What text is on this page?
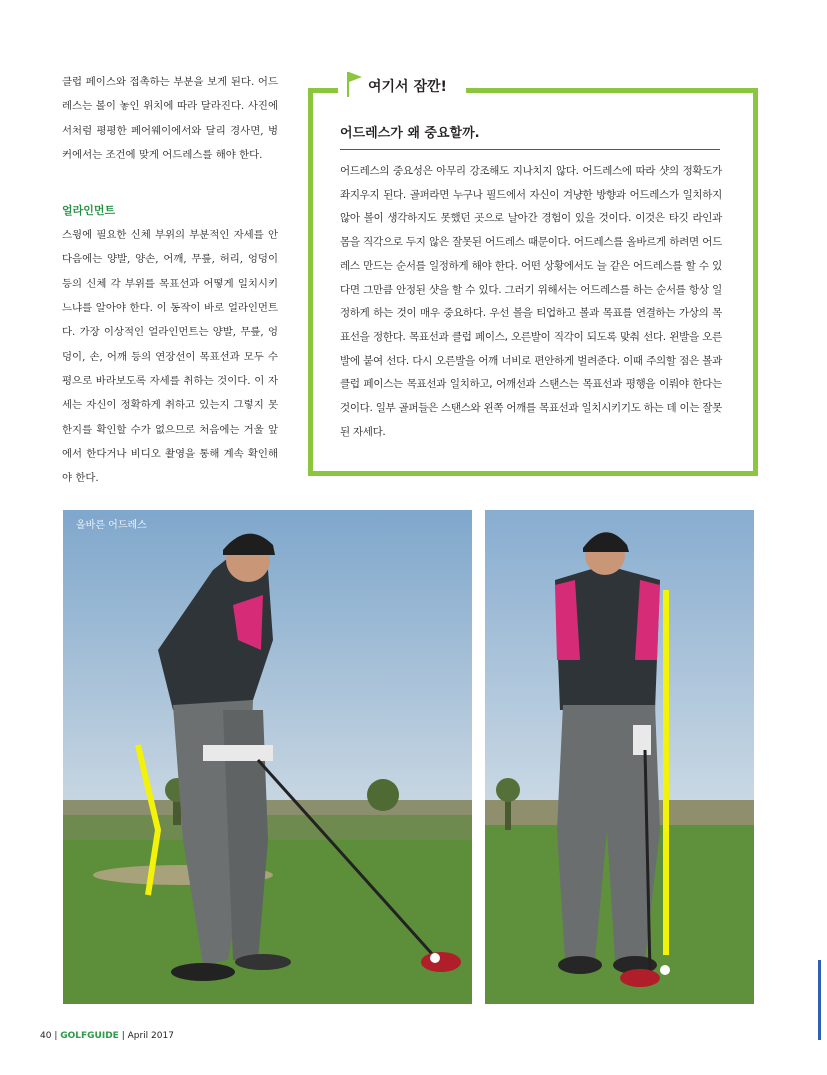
클럽 페이스와 접촉하는 부분을 보게 된다. 어드레스는 볼이 놓인 위치에 따라 달라진다. 사진에서처럼 평평한 페어웨이에서와 달리 경사면, 벙커에서는 조건에 맞게 어드레스를 해야 한다.

얼라인먼트

스윙에 필요한 신체 부위의 부분적인 자세를 안 다음에는 양발, 양손, 어깨, 무릎, 허리, 엉덩이 등의 신체 각 부위를 목표선과 어떻게 일치시키느냐를 알아야 한다. 이 동작이 바로 얼라인먼트다. 가장 이상적인 얼라인먼트는 양발, 무릎, 엉덩이, 손, 어깨 등의 연장선이 목표선과 모두 수평으로 바라보도록 자세를 취하는 것이다. 이 자세는 자신이 정확하게 취하고 있는지 그렇지 못한지를 확인할 수가 없으므로 처음에는 거울 앞에서 한다거나 비디오 촬영을 통해 계속 확인해야 한다.

여기서 잠깐!
어드레스가 왜 중요할까.
어드레스의 중요성은 아무리 강조해도 지나치지 않다. 어드레스에 따라 샷의 정확도가 좌지우지 된다. 골퍼라면 누구나 필드에서 자신이 겨냥한 방향과 어드레스가 일치하지 않아 볼이 생각하지도 못했던 곳으로 날아간 경험이 있을 것이다. 이것은 타깃 라인과 몸을 직각으로 두지 않은 잘못된 어드레스 때문이다. 어드레스를 올바르게 하려면 어드레스 만드는 순서를 일정하게 해야 한다. 어떤 상황에서도 늘 같은 어드레스를 할 수 있다면 그만큼 안정된 샷을 할 수 있다. 그러기 위해서는 어드레스를 하는 순서를 항상 일정하게 하는 것이 매우 중요하다. 우선 볼을 티업하고 볼과 목표를 연결하는 가상의 목표선을 정한다. 목표선과 클럽 페이스, 오른발이 직각이 되도록 맞춰 선다. 왼발을 오른발에 붙여 선다. 다시 오른발을 어깨 너비로 편안하게 벌려준다. 이때 주의할 점은 볼과 클럽 페이스는 목표선과 일치하고, 어깨선과 스탠스는 목표선과 평행을 이뤄야 한다는 것이다. 일부 골퍼들은 스탠스와 왼쪽 어깨를 목표선과 일치시키기도 하는 데 이는 잘못된 자세다.
올바른 어드레스
40 | GOLFGUIDE | April 2017
